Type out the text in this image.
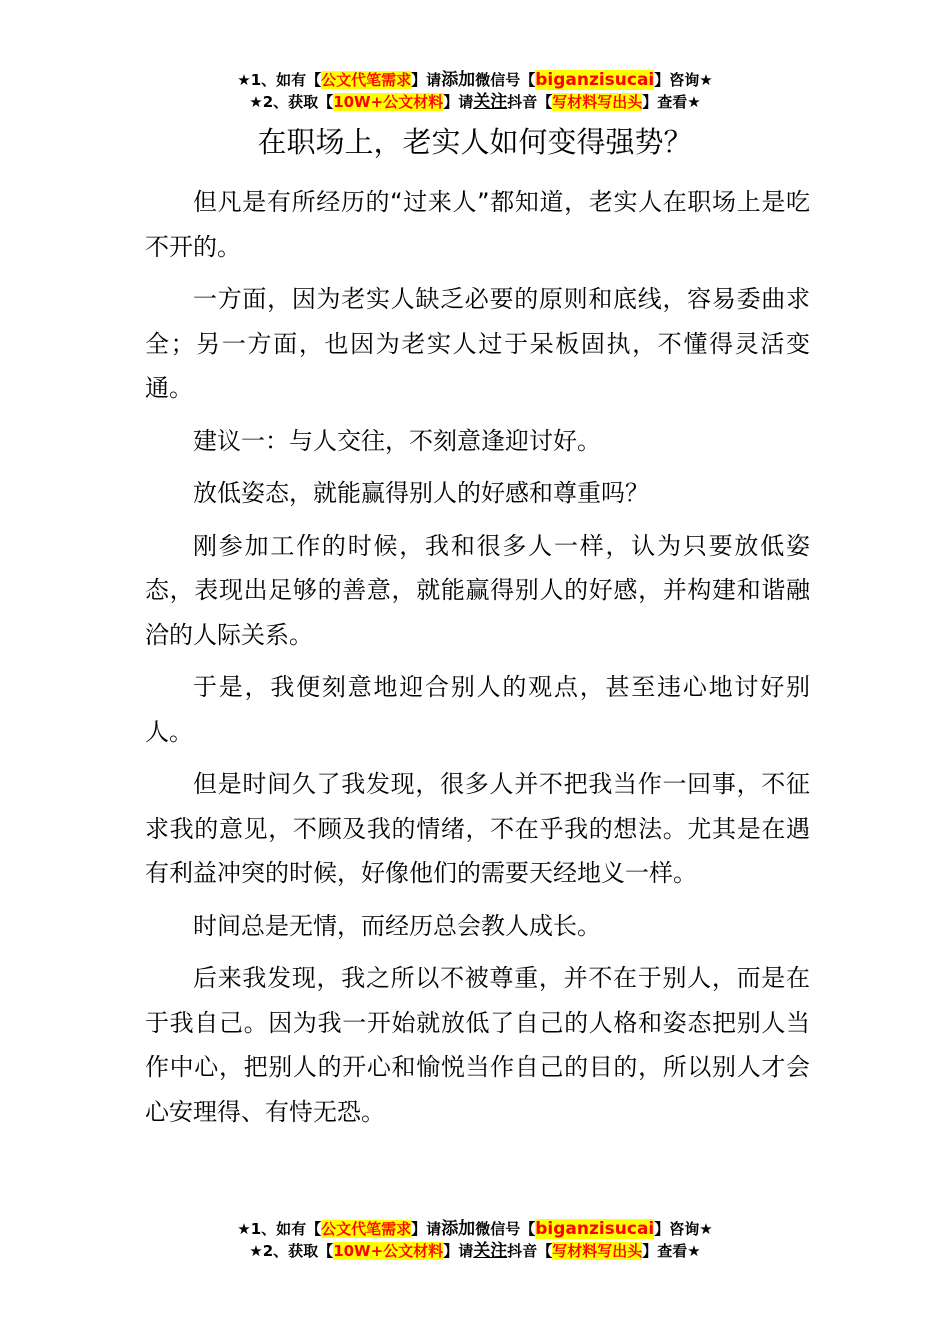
★1、如有【公文代笔需求】请添加微信号【biganzisucai】咨询★
★2、获取【10W+公文材料】请关注抖音【写材料写出头】查看★
在职场上，老实人如何变得强势？

但凡是有所经历的“过来人”都知道，老实人在职场上是吃不开的。

一方面，因为老实人缺乏必要的原则和底线，容易委曲求全；另一方面，也因为老实人过于呆板固执，不懂得灵活变通。

建议一：与人交往，不刻意逢迎讨好。

放低姿态，就能赢得别人的好感和尊重吗？

刚参加工作的时候，我和很多人一样，认为只要放低姿态，表现出足够的善意，就能赢得别人的好感，并构建和谐融洽的人际关系。

于是，我便刻意地迎合别人的观点，甚至违心地讨好别人。

但是时间久了我发现，很多人并不把我当作一回事，不征求我的意见，不顾及我的情绪，不在乎我的想法。尤其是在遇有利益冲突的时候，好像他们的需要天经地义一样。

时间总是无情，而经历总会教人成长。

后来我发现，我之所以不被尊重，并不在于别人，而是在于我自己。因为我一开始就放低了自己的人格和姿态把别人当作中心，把别人的开心和愉悦当作自己的目的，所以别人才会心安理得、有恃无恐。

★1、如有【公文代笔需求】请添加微信号【biganzisucai】咨询★
★2、获取【10W+公文材料】请关注抖音【写材料写出头】查看★
